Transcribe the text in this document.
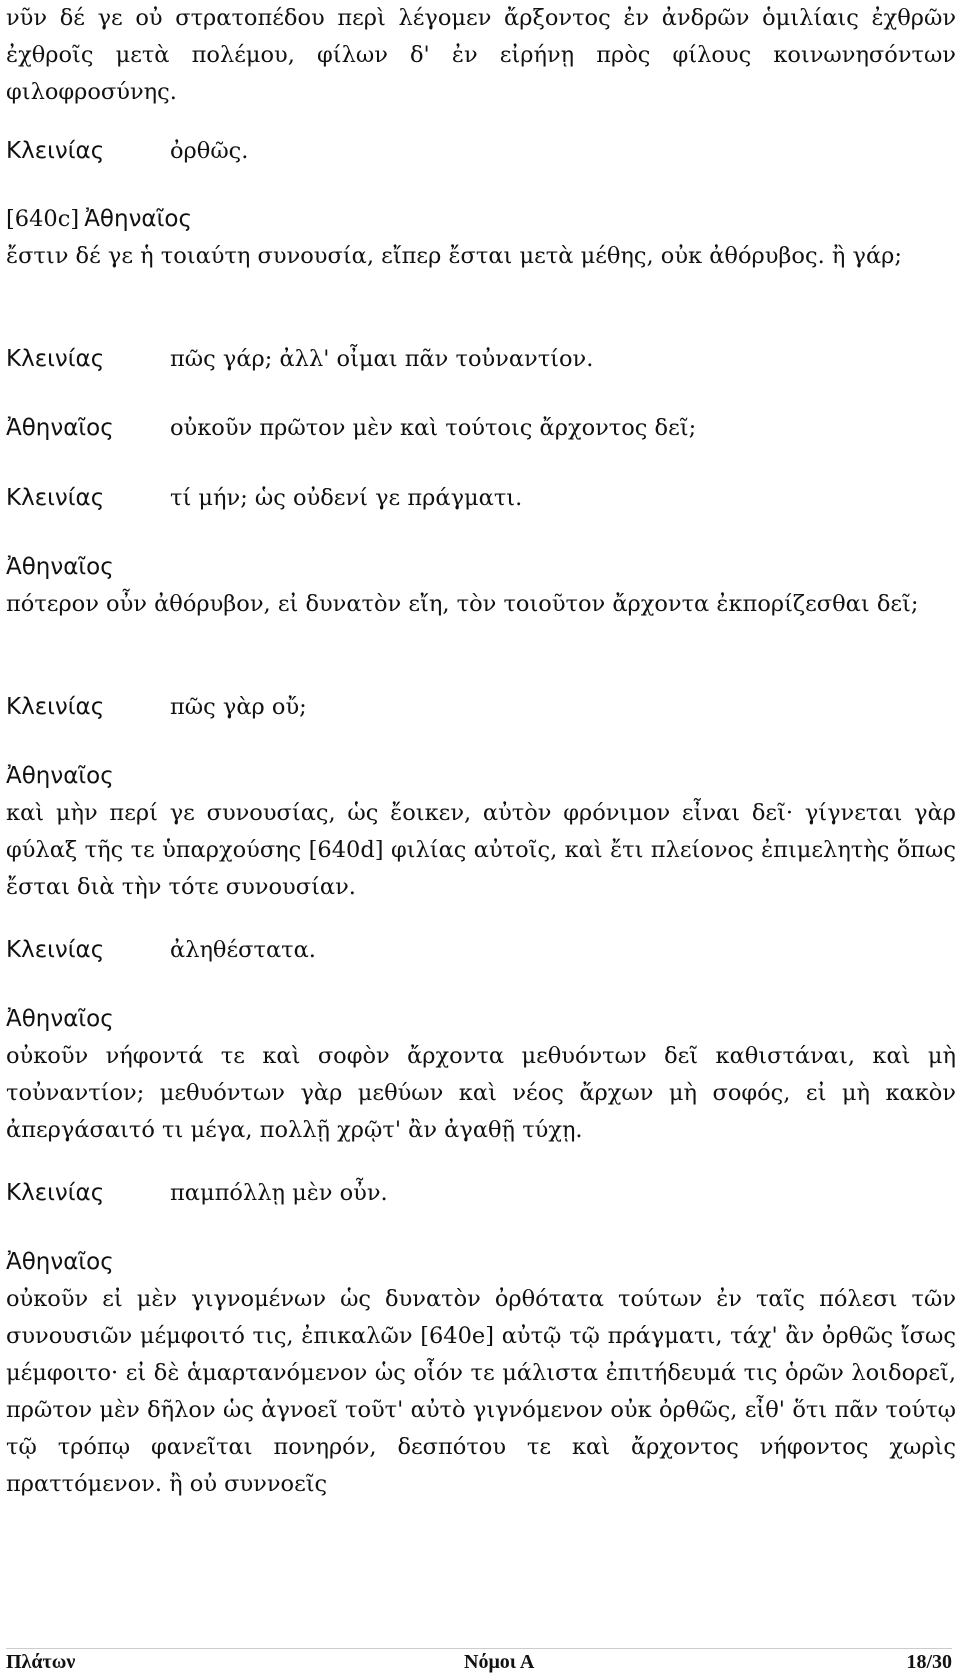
νῦν δέ γε οὐ στρατοπέδου περὶ λέγομεν ἄρξοντος ἐν ἀνδρῶν ὁμιλίαις ἐχθρῶν ἐχθροῖς μετὰ πολέμου, φίλων δ' ἐν εἰρήνῃ πρὸς φίλους κοινωνησόντων φιλοφροσύνης.

Κλεινίας	ὀρθῶς.
[640c] Ἀθηναῖος

ἔστιν δέ γε ἡ τοιαύτη συνουσία, εἴπερ ἔσται μετὰ μέθης, οὐκ ἀθόρυβος. ἢ γάρ;

Κλεινίας	πῶς γάρ; ἀλλ' οἶμαι πᾶν τοὐναντίον.
Ἀθηναῖος	οὐκοῦν πρῶτον μὲν καὶ τούτοις ἄρχοντος δεῖ;
Κλεινίας	τί μήν; ὡς οὐδενί γε πράγματι.
Ἀθηναῖος

πότερον οὖν ἀθόρυβον, εἰ δυνατὸν εἴη, τὸν τοιοῦτον ἄρχοντα ἐκπορίζεσθαι δεῖ;

Κλεινίας	πῶς γὰρ οὔ;
Ἀθηναῖος

καὶ μὴν περί γε συνουσίας, ὡς ἔοικεν, αὐτὸν φρόνιμον εἶναι δεῖ· γίγνεται γὰρ φύλαξ τῆς τε ὑπαρχούσης [640d] φιλίας αὐτοῖς, καὶ ἔτι πλείονος ἐπιμελητὴς ὅπως ἔσται διὰ τὴν τότε συνουσίαν.

Κλεινίας	ἀληθέστατα.
Ἀθηναῖος

οὐκοῦν νήφοντά τε καὶ σοφὸν ἄρχοντα μεθυόντων δεῖ καθιστάναι, καὶ μὴ τοὐναντίον; μεθυόντων γὰρ μεθύων καὶ νέος ἄρχων μὴ σοφός, εἰ μὴ κακὸν ἀπεργάσαιτό τι μέγα, πολλῇ χρῷτ' ἂν ἀγαθῇ τύχῃ.

Κλεινίας	παμπόλλῃ μὲν οὖν.
Ἀθηναῖος

οὐκοῦν εἰ μὲν γιγνομένων ὡς δυνατὸν ὀρθότατα τούτων ἐν ταῖς πόλεσι τῶν συνουσιῶν μέμφοιτό τις, ἐπικαλῶν [640e] αὐτῷ τῷ πράγματι, τάχ' ἂν ὀρθῶς ἴσως μέμφοιτο· εἰ δὲ ἁμαρτανόμενον ὡς οἷόν τε μάλιστα ἐπιτήδευμά τις ὁρῶν λοιδορεῖ, πρῶτον μὲν δῆλον ὡς ἀγνοεῖ τοῦτ' αὐτὸ γιγνόμενον οὐκ ὀρθῶς, εἶθ' ὅτι πᾶν τούτῳ τῷ τρόπῳ φανεῖται πονηρόν, δεσπότου τε καὶ ἄρχοντος νήφοντος χωρὶς πραττόμενον. ἢ οὐ συννοεῖς

Πλάτων	Νόμοι Α	18/30
